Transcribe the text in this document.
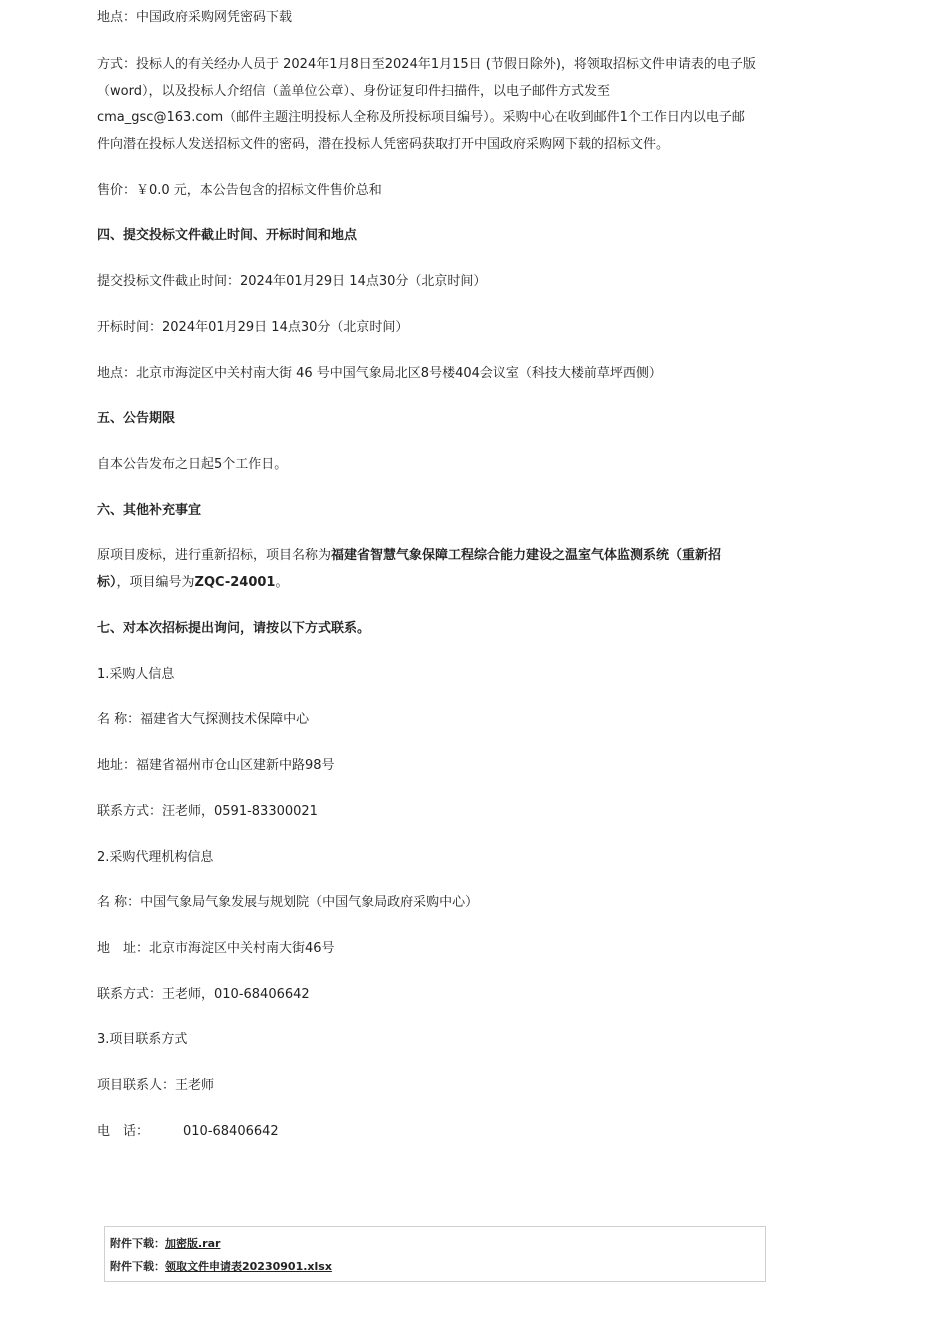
地点：中国政府采购网凭密码下载
方式：投标人的有关经办人员于 2024年1月8日至2024年1月15日 (节假日除外)，将领取招标文件申请表的电子版
（word），以及投标人介绍信（盖单位公章）、身份证复印件扫描件，以电子邮件方式发至
cma_gsc@163.com（邮件主题注明投标人全称及所投标项目编号）。采购中心在收到邮件1个工作日内以电子邮
件向潜在投标人发送招标文件的密码，潜在投标人凭密码获取打开中国政府采购网下载的招标文件。
售价：￥0.0 元，本公告包含的招标文件售价总和
四、提交投标文件截止时间、开标时间和地点
提交投标文件截止时间：2024年01月29日 14点30分（北京时间）
开标时间：2024年01月29日 14点30分（北京时间）
地点：北京市海淀区中关村南大街 46 号中国气象局北区8号楼404会议室（科技大楼前草坪西侧）
五、公告期限
自本公告发布之日起5个工作日。
六、其他补充事宜
原项目废标，进行重新招标，项目名称为福建省智慧气象保障工程综合能力建设之温室气体监测系统（重新招
标），项目编号为ZQC-24001。
七、对本次招标提出询问，请按以下方式联系。
1.采购人信息
名 称：福建省大气探测技术保障中心
地址：福建省福州市仓山区建新中路98号
联系方式：汪老师，0591-83300021
2.采购代理机构信息
名 称：中国气象局气象发展与规划院（中国气象局政府采购中心）
地　址：北京市海淀区中关村南大街46号
联系方式：王老师，010-68406642
3.项目联系方式
项目联系人：王老师
电　话：	010-68406642
附件下载：加密版.rar
附件下载：领取文件申请表20230901.xlsx
